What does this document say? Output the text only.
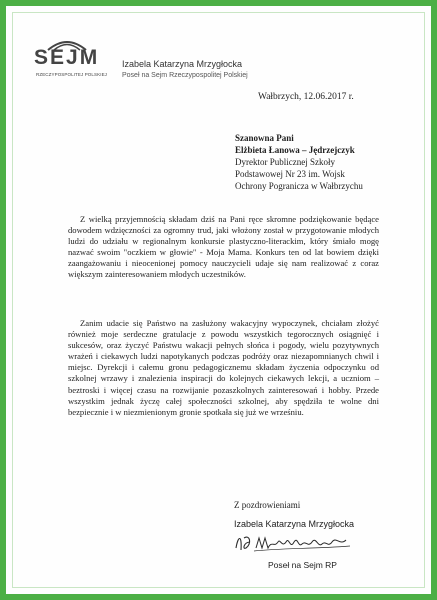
SEJM
RZECZYPOSPOLITEJ POLSKIEJ
Izabela Katarzyna Mrzygłocka
Poseł na Sejm Rzeczypospolitej Polskiej
Wałbrzych, 12.06.2017 r.
Szanowna Pani
Elżbieta Łanowa – Jędrzejczyk
Dyrektor Publicznej Szkoły
Podstawowej Nr 23 im. Wojsk
Ochrony Pogranicza w Wałbrzychu

Z wielką przyjemnością składam dziś na Pani ręce skromne podziękowanie będące dowodem wdzięczności za ogromny trud, jaki włożony został w przygotowanie młodych ludzi do udziału w regionalnym konkursie plastyczno-literackim, który śmiało mogę nazwać swoim "oczkiem w głowie" - Moja Mama. Konkurs ten od lat bowiem dzięki zaangażowaniu i nieocenionej pomocy nauczycieli udaje się nam realizować z coraz większym zainteresowaniem młodych uczestników.

Zanim udacie się Państwo na zasłużony wakacyjny wypoczynek, chciałam złożyć również moje serdeczne gratulacje z powodu wszystkich tegorocznych osiągnięć i sukcesów, oraz życzyć Państwu wakacji pełnych słońca i pogody, wielu pozytywnych wrażeń i ciekawych ludzi napotykanych podczas podróży oraz niezapomnianych chwil i miejsc. Dyrekcji i całemu gronu pedagogicznemu składam życzenia odpoczynku od szkolnej wrzawy i znalezienia inspiracji do kolejnych ciekawych lekcji, a uczniom – beztroski i więcej czasu na rozwijanie pozaszkolnych zainteresowań i hobby. Przede wszystkim jednak życzę całej społeczności szkolnej, aby spędziła te wolne dni bezpiecznie i w niezmienionym gronie spotkała się już we wrześniu.

Z pozdrowieniami
Izabela Katarzyna Mrzygłocka
Poseł na Sejm RP
